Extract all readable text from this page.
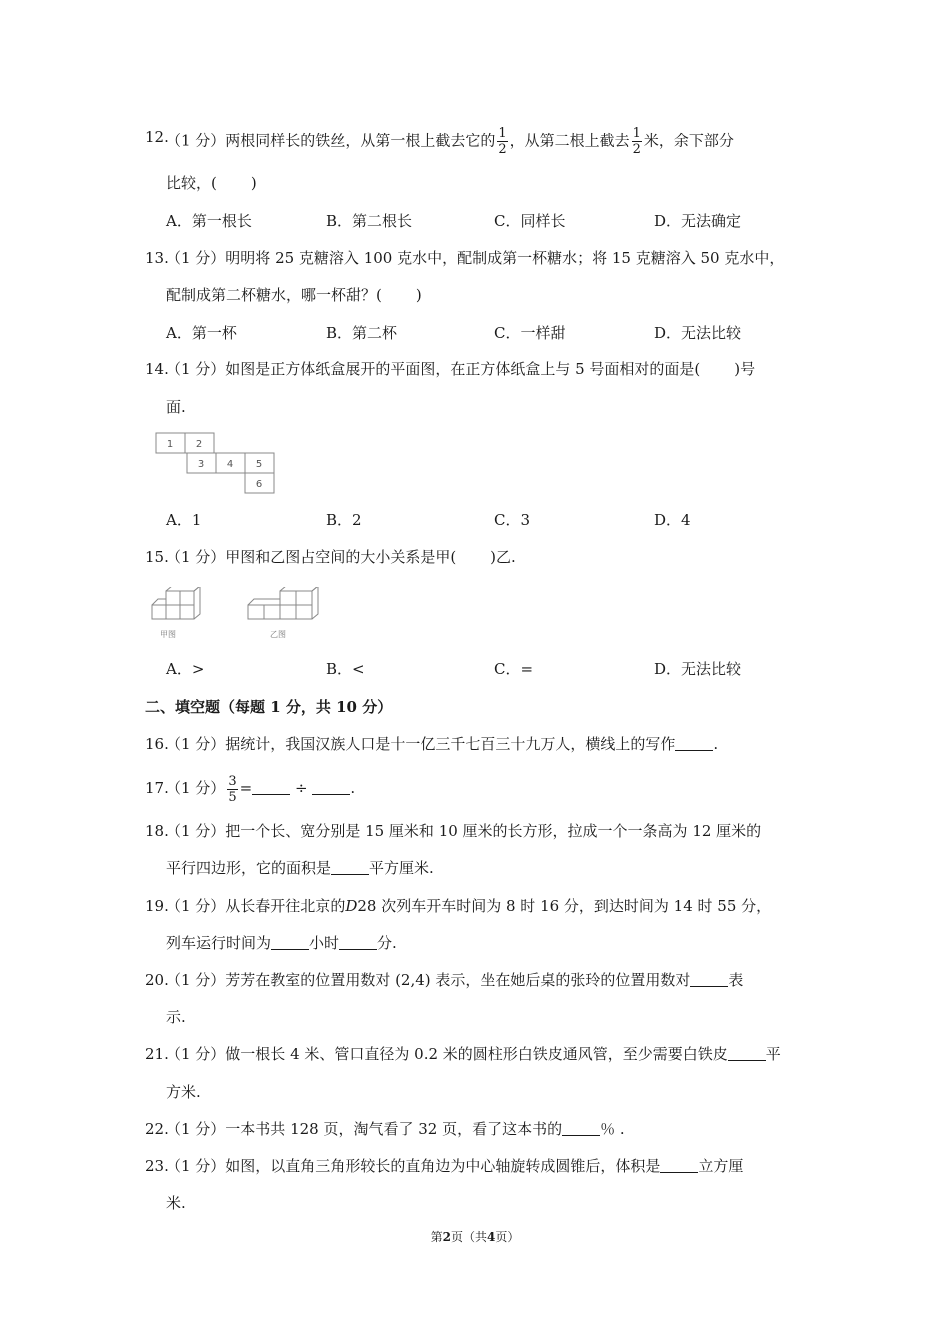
12.
（1 分）两根同样长的铁丝，从第一根上截去它的 $\frac{1}{2}$ ，从第二根上截去 $\frac{1}{2}$ 米，余下部分
比较，( )
A．第一根长	B．第二根长	C．同样长	D．无法确定
13.
（1 分）明明将 25 克糖溶入 100 克水中，配制成第一杯糖水；将 15 克糖溶入 50 克水中，
配制成第二杯糖水，哪一杯甜？( )
A．第一杯	B．第二杯	C．一样甜	D．无法比较
14.
（1 分）如图是正方体纸盒展开的平面图，在正方体纸盒上与 5 号面相对的面是( )号
面.
1 2
3 4 5
6
A．1	B．2	C．3	D．4
15.
（1 分）甲图和乙图占空间的大小关系是甲( )乙.
甲图	乙图
A．>	B．<	C．=	D．无法比较
二、填空题（每题 1 分，共 10 分）
16.
（1 分）据统计，我国汉族人口是十一亿三千七百三十九万人，横线上的写作	.
17.
（1 分） $\frac{3}{5}$ =	÷	.
18.
（1 分）把一个长、宽分别是 15 厘米和 10 厘米的长方形，拉成一个一条高为 12 厘米的
平行四边形，它的面积是	平方厘米.
19.
（1 分）从长春开往北京的D28 次列车开车时间为 8 时 16 分，到达时间为 14 时 55 分，
列车运行时间为	小时	分.
20.
（1 分）芳芳在教室的位置用数对 (2,4) 表示，坐在她后桌的张玲的位置用数对	表
示.
21.
（1 分）做一根长 4 米、管口直径为 0.2 米的圆柱形白铁皮通风管，至少需要白铁皮	平
方米.
22.
（1 分）一本书共 128 页，淘气看了 32 页，看了这本书的	％ .
23.
（1 分）如图，以直角三角形较长的直角边为中心轴旋转成圆锥后，体积是	立方厘
米.
第2页（共4页）
